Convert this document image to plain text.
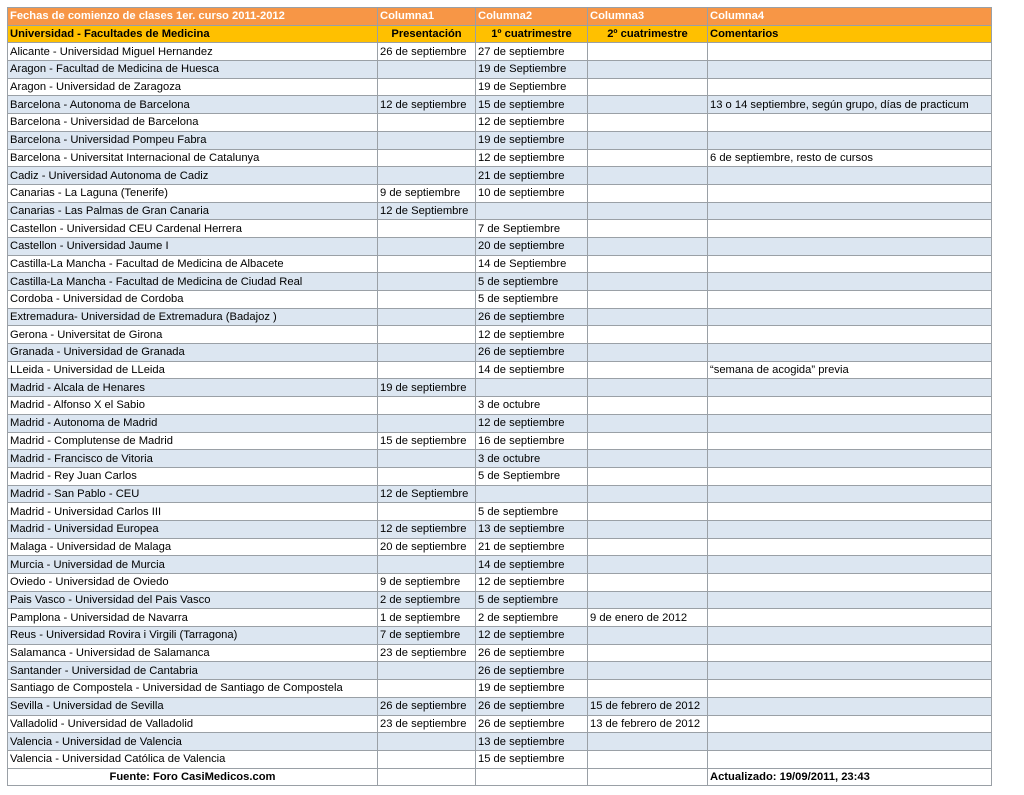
Fechas de comienzo de clases 1er. curso 2011-2012	Columna1	Columna2	Columna3	Columna4
Universidad - Facultades de Medicina	Presentación	1º cuatrimestre	2º cuatrimestre	Comentarios
Alicante - Universidad Miguel Hernandez	26 de septiembre	27 de septiembre		
Aragon - Facultad de Medicina de Huesca		19 de Septiembre		
Aragon - Universidad de Zaragoza		19 de Septiembre		
Barcelona - Autonoma de Barcelona	12 de septiembre	15 de septiembre		13 o 14 septiembre, según grupo, días de practicum
Barcelona - Universidad de Barcelona		12 de septiembre		
Barcelona - Universidad Pompeu Fabra		19 de septiembre		
Barcelona - Universitat Internacional de Catalunya		12 de septiembre		6 de septiembre, resto de cursos
Cadiz - Universidad Autonoma de Cadiz		21 de septiembre		
Canarias - La Laguna (Tenerife)	9 de septiembre	10 de septiembre		
Canarias - Las Palmas de Gran Canaria	12 de Septiembre			
Castellon - Universidad CEU Cardenal Herrera		7 de Septiembre		
Castellon - Universidad Jaume I		20 de septiembre		
Castilla-La Mancha - Facultad de Medicina de Albacete		14 de Septiembre		
Castilla-La Mancha - Facultad de Medicina de Ciudad Real		5 de septiembre		
Cordoba - Universidad de Cordoba		5 de septiembre		
Extremadura- Universidad de Extremadura (Badajoz )		26 de septiembre		
Gerona - Universitat de Girona		12 de septiembre		
Granada - Universidad de Granada		26 de septiembre		
LLeida - Universidad de LLeida		14 de septiembre		“semana de acogida” previa
Madrid - Alcala de Henares	19 de septiembre			
Madrid - Alfonso X el Sabio		3 de octubre		
Madrid - Autonoma de Madrid		12 de septiembre		
Madrid - Complutense de Madrid	15 de septiembre	16 de septiembre		
Madrid - Francisco de Vitoria		3 de octubre		
Madrid - Rey Juan Carlos		5 de Septiembre		
Madrid - San Pablo - CEU	12 de Septiembre			
Madrid - Universidad Carlos III		5 de septiembre		
Madrid - Universidad Europea	12 de septiembre	13 de septiembre		
Malaga - Universidad de Malaga	20 de septiembre	21 de septiembre		
Murcia - Universidad de Murcia		14 de septiembre		
Oviedo - Universidad de Oviedo	9 de septiembre	12 de septiembre		
Pais Vasco - Universidad del Pais Vasco	2 de septiembre	5 de septiembre		
Pamplona - Universidad de Navarra	1 de septiembre	2 de septiembre	9 de enero de 2012	
Reus - Universidad Rovira i Virgili (Tarragona)	7 de septiembre	12 de septiembre		
Salamanca - Universidad de Salamanca	23 de septiembre	26 de septiembre		
Santander - Universidad de Cantabria		26 de septiembre		
Santiago de Compostela - Universidad de Santiago de Compostela		19 de septiembre		
Sevilla - Universidad de Sevilla	26 de septiembre	26 de septiembre	15 de febrero de 2012	
Valladolid - Universidad de Valladolid	23 de septiembre	26 de septiembre	13 de febrero de 2012	
Valencia - Universidad de Valencia		13 de septiembre		
Valencia - Universidad Católica de Valencia		15 de septiembre		
Fuente: Foro CasiMedicos.com				Actualizado: 19/09/2011, 23:43
